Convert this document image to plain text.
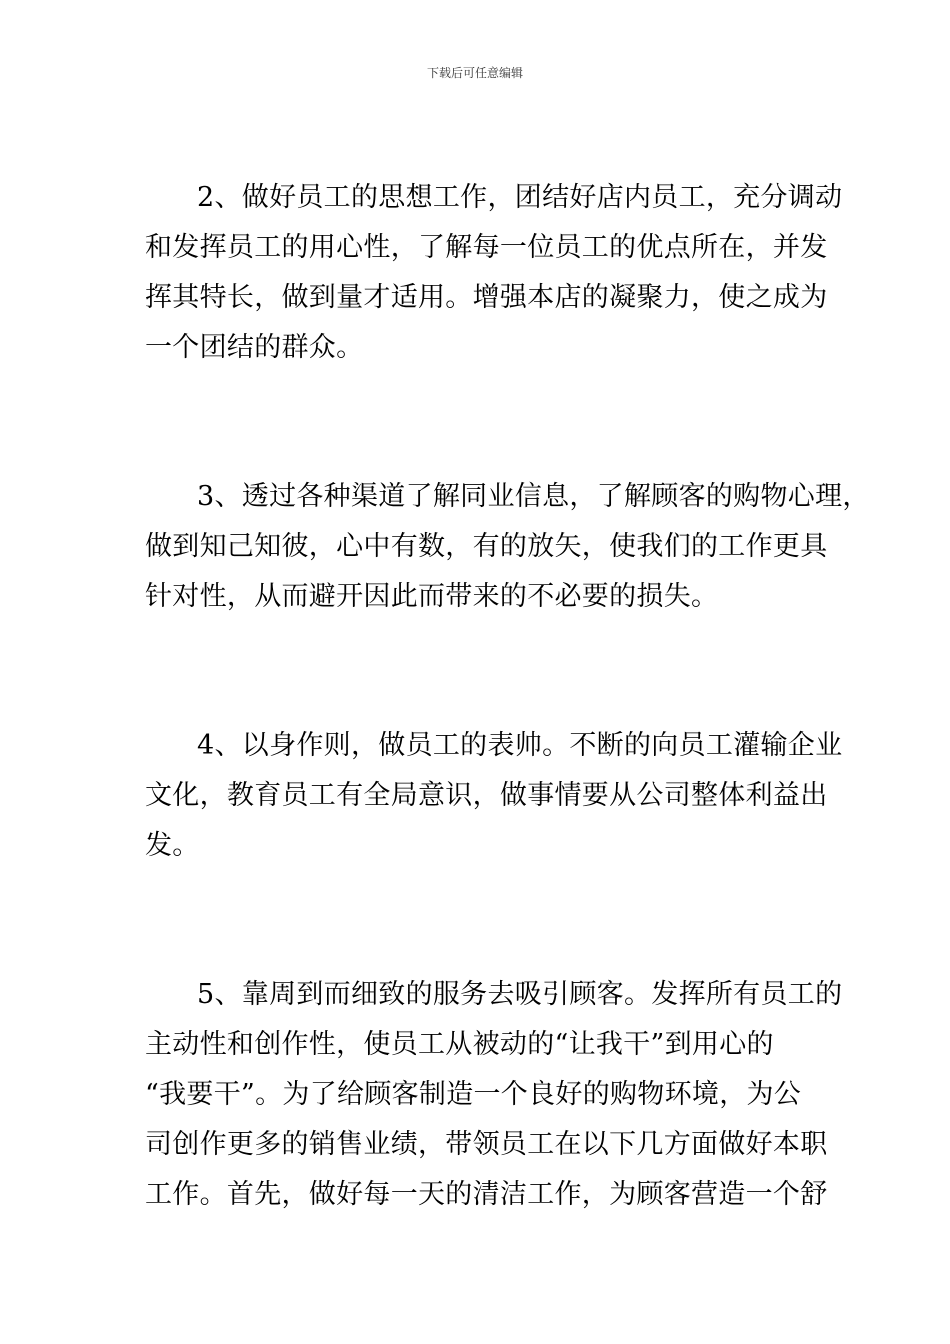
下载后可任意编辑
2、做好员工的思想工作，团结好店内员工，充分调动
和发挥员工的用心性，了解每一位员工的优点所在，并发
挥其特长，做到量才适用。增强本店的凝聚力，使之成为
一个团结的群众。
3、透过各种渠道了解同业信息，了解顾客的购物心理，
做到知己知彼，心中有数，有的放矢，使我们的工作更具
针对性，从而避开因此而带来的不必要的损失。
4、以身作则，做员工的表帅。不断的向员工灌输企业
文化，教育员工有全局意识，做事情要从公司整体利益出
发。
5、靠周到而细致的服务去吸引顾客。发挥所有员工的
主动性和创作性，使员工从被动的“让我干”到用心的
“我要干”。为了给顾客制造一个良好的购物环境，为公
司创作更多的销售业绩，带领员工在以下几方面做好本职
工作。首先，做好每一天的清洁工作，为顾客营造一个舒
